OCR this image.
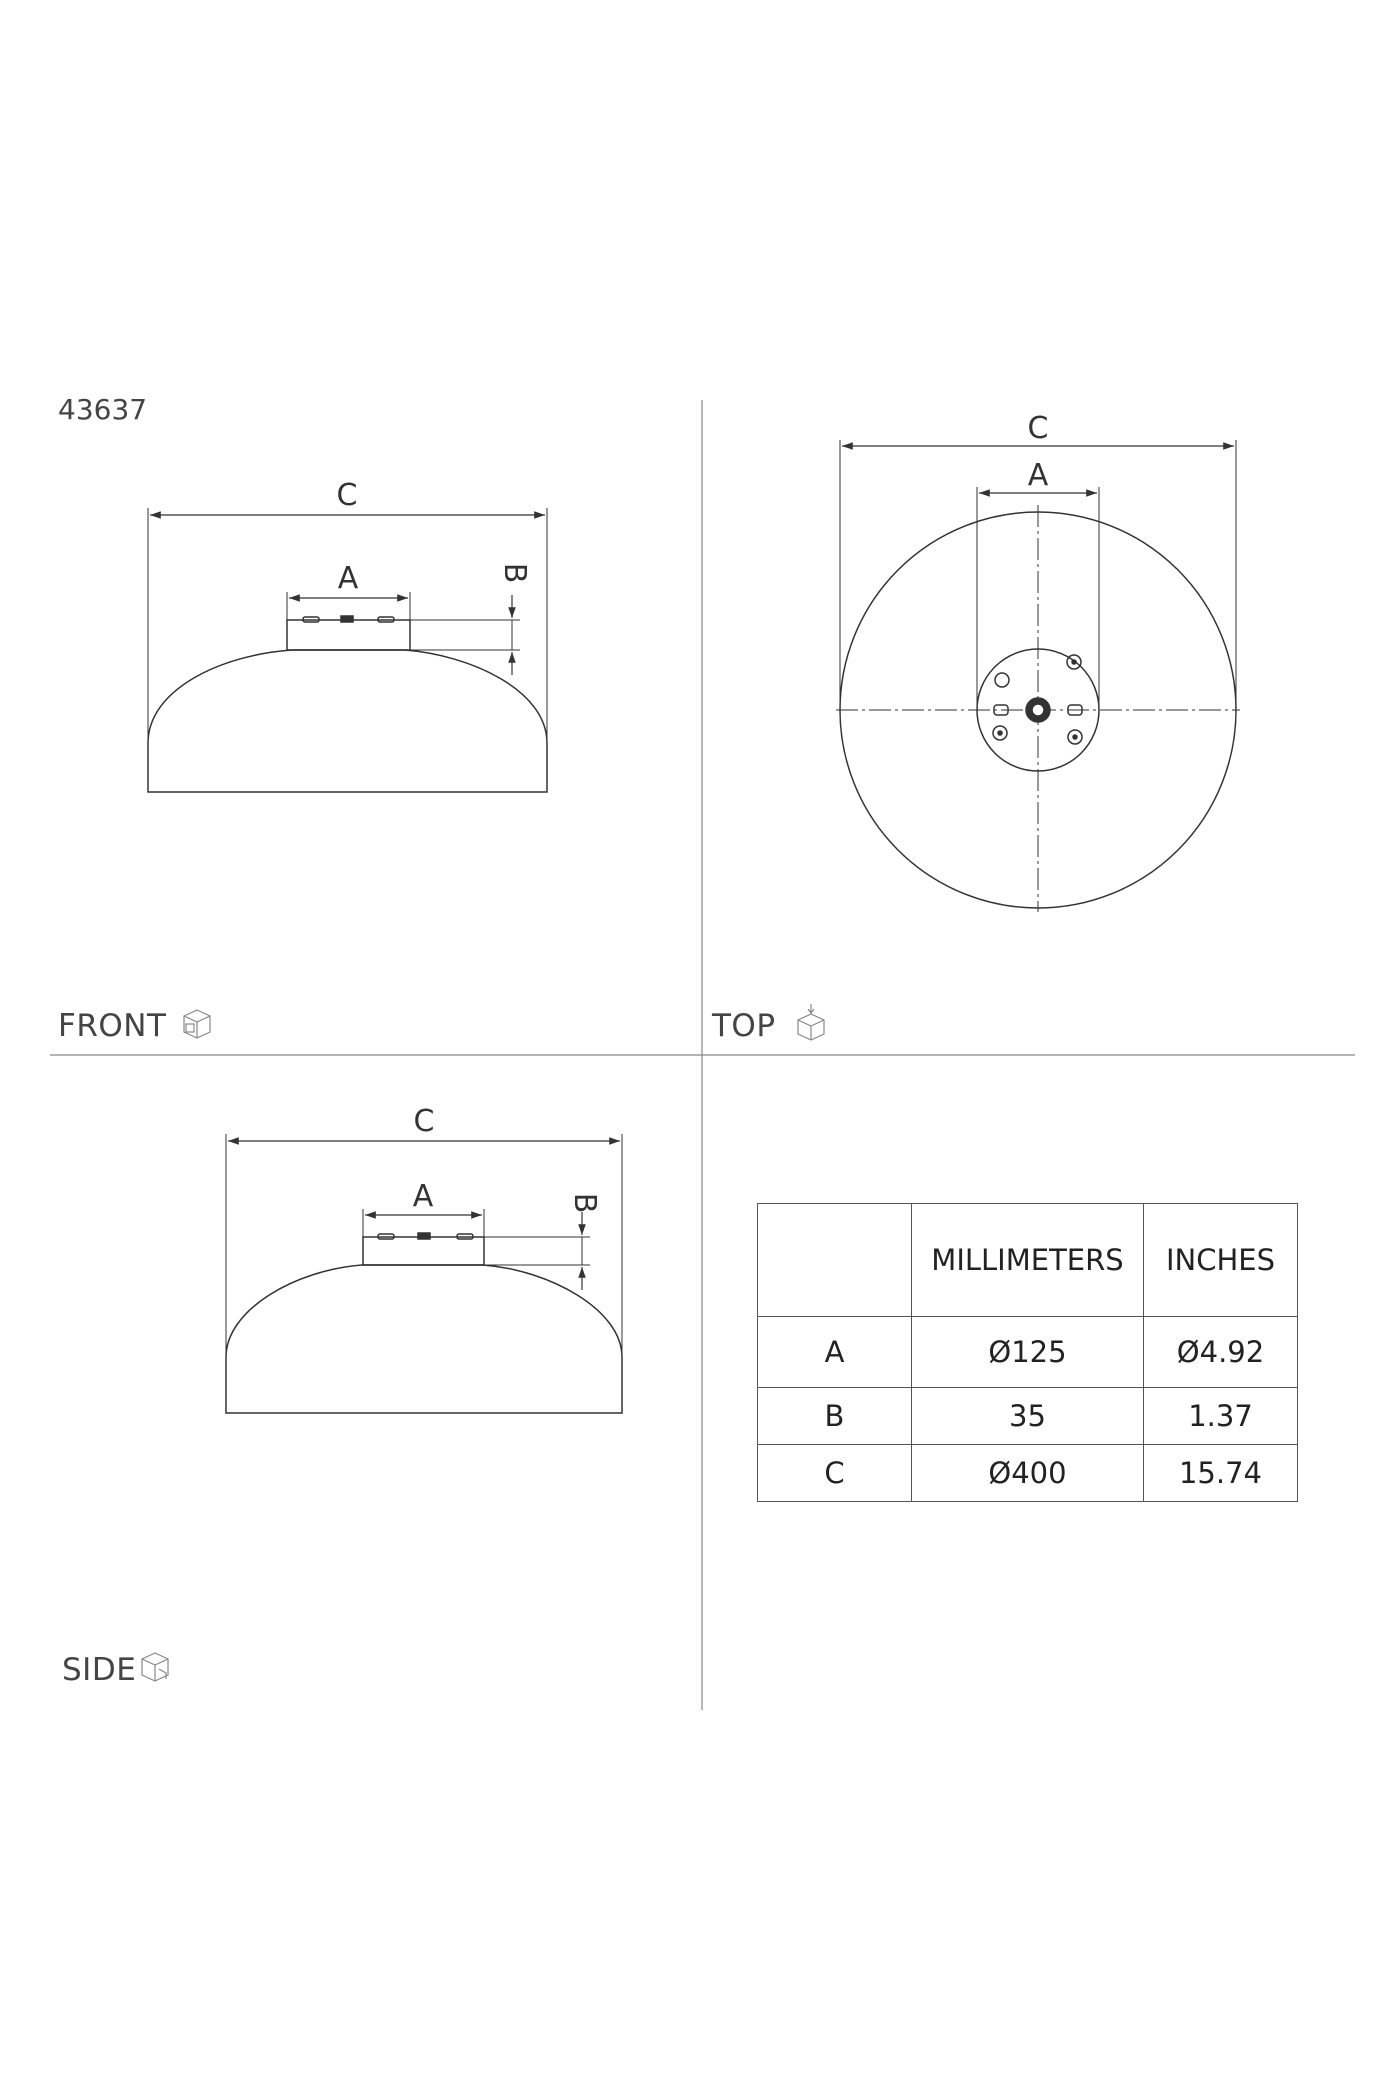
C
A	B
C
A
C
A	B
43637
FRONT	TOP
SIDE
	MILLIMETERS	INCHES
A	Ø125	Ø4.92
B	35	1.37
C	Ø400	15.74
